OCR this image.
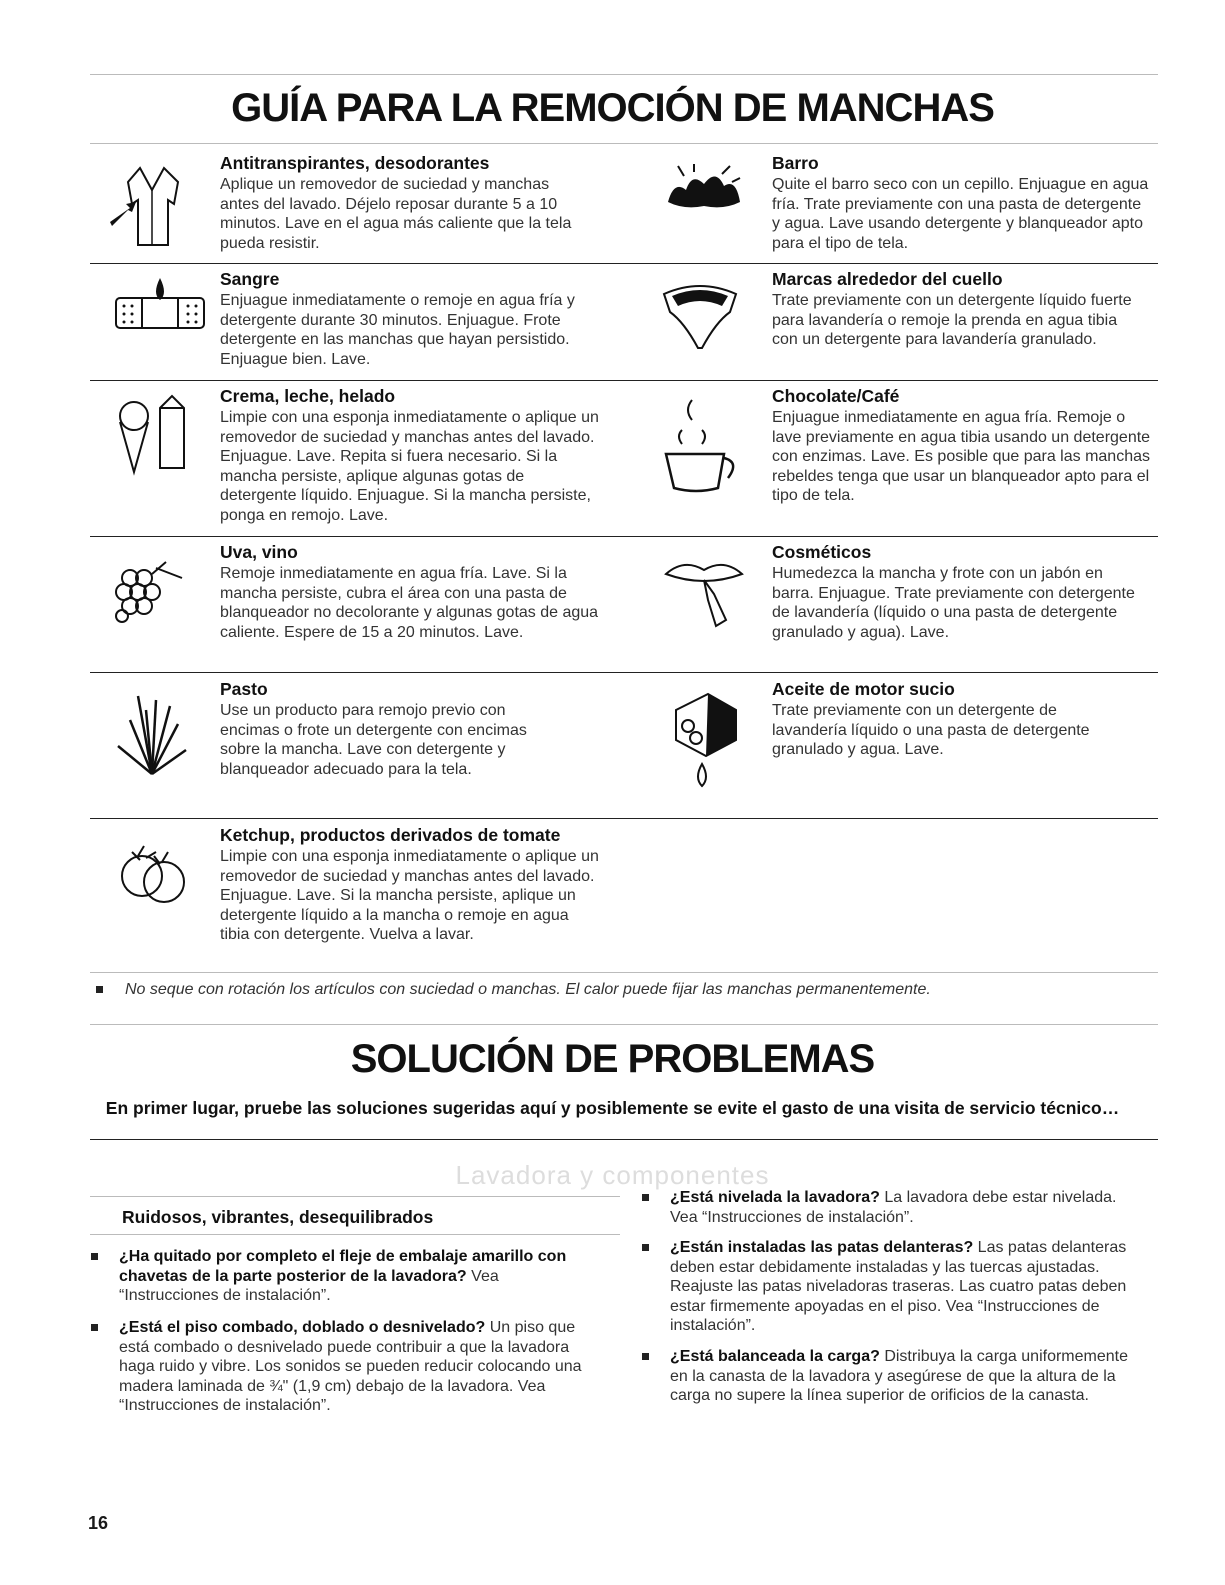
GUÍA PARA LA REMOCIÓN DE MANCHAS
Antitranspirantes, desodorantes

Aplique un removedor de suciedad y manchas antes del lavado. Déjelo reposar durante 5 a 10 minutos. Lave en el agua más caliente que la tela pueda resistir.

Barro

Quite el barro seco con un cepillo. Enjuague en agua fría. Trate previamente con una pasta de detergente y agua. Lave usando detergente y blanqueador apto para el tipo de tela.

Sangre

Enjuague inmediatamente o remoje en agua fría y detergente durante 30 minutos. Enjuague. Frote detergente en las manchas que hayan persistido. Enjuague bien. Lave.

Marcas alrededor del cuello

Trate previamente con un detergente líquido fuerte para lavandería o remoje la prenda en agua tibia con un detergente para lavandería granulado.

Crema, leche, helado

Limpie con una esponja inmediatamente o aplique un removedor de suciedad y manchas antes del lavado. Enjuague. Lave. Repita si fuera necesario. Si la mancha persiste, aplique algunas gotas de detergente líquido. Enjuague. Si la mancha persiste, ponga en remojo. Lave.

Chocolate/Café

Enjuague inmediatamente en agua fría. Remoje o lave previamente en agua tibia usando un detergente con enzimas. Lave. Es posible que para las manchas rebeldes tenga que usar un blanqueador apto para el tipo de tela.

Uva, vino

Remoje inmediatamente en agua fría. Lave. Si la mancha persiste, cubra el área con una pasta de blanqueador no decolorante y algunas gotas de agua caliente. Espere de 15 a 20 minutos. Lave.

Cosméticos

Humedezca la mancha y frote con un jabón en barra. Enjuague. Trate previamente con detergente de lavandería (líquido o una pasta de detergente granulado y agua). Lave.

Pasto

Use un producto para remojo previo con encimas o frote un detergente con encimas sobre la mancha. Lave con detergente y blanqueador adecuado para la tela.

Aceite de motor sucio

Trate previamente con un detergente de lavandería líquido o una pasta de detergente granulado y agua. Lave.

Ketchup, productos derivados de tomate

Limpie con una esponja inmediatamente o aplique un removedor de suciedad y manchas antes del lavado. Enjuague. Lave. Si la mancha persiste, aplique un detergente líquido a la mancha o remoje en agua tibia con detergente. Vuelva a lavar.

No seque con rotación los artículos con suciedad o manchas. El calor puede fijar las manchas permanentemente.
SOLUCIÓN DE PROBLEMAS
En primer lugar, pruebe las soluciones sugeridas aquí y posiblemente se evite el gasto de una visita de servicio técnico…
Lavadora y componentes
Ruidosos, vibrantes, desequilibrados
¿Ha quitado por completo el fleje de embalaje amarillo con chavetas de la parte posterior de la lavadora? Vea “Instrucciones de instalación”.
¿Está el piso combado, doblado o desnivelado? Un piso que está combado o desnivelado puede contribuir a que la lavadora haga ruido y vibre. Los sonidos se pueden reducir colocando una madera laminada de ¾" (1,9 cm) debajo de la lavadora. Vea “Instrucciones de instalación”.
¿Está nivelada la lavadora? La lavadora debe estar nivelada. Vea “Instrucciones de instalación”.
¿Están instaladas las patas delanteras? Las patas delanteras deben estar debidamente instaladas y las tuercas ajustadas. Reajuste las patas niveladoras traseras. Las cuatro patas deben estar firmemente apoyadas en el piso. Vea “Instrucciones de instalación”.
¿Está balanceada la carga? Distribuya la carga uniformemente en la canasta de la lavadora y asegúrese de que la altura de la carga no supere la línea superior de orificios de la canasta.
16
